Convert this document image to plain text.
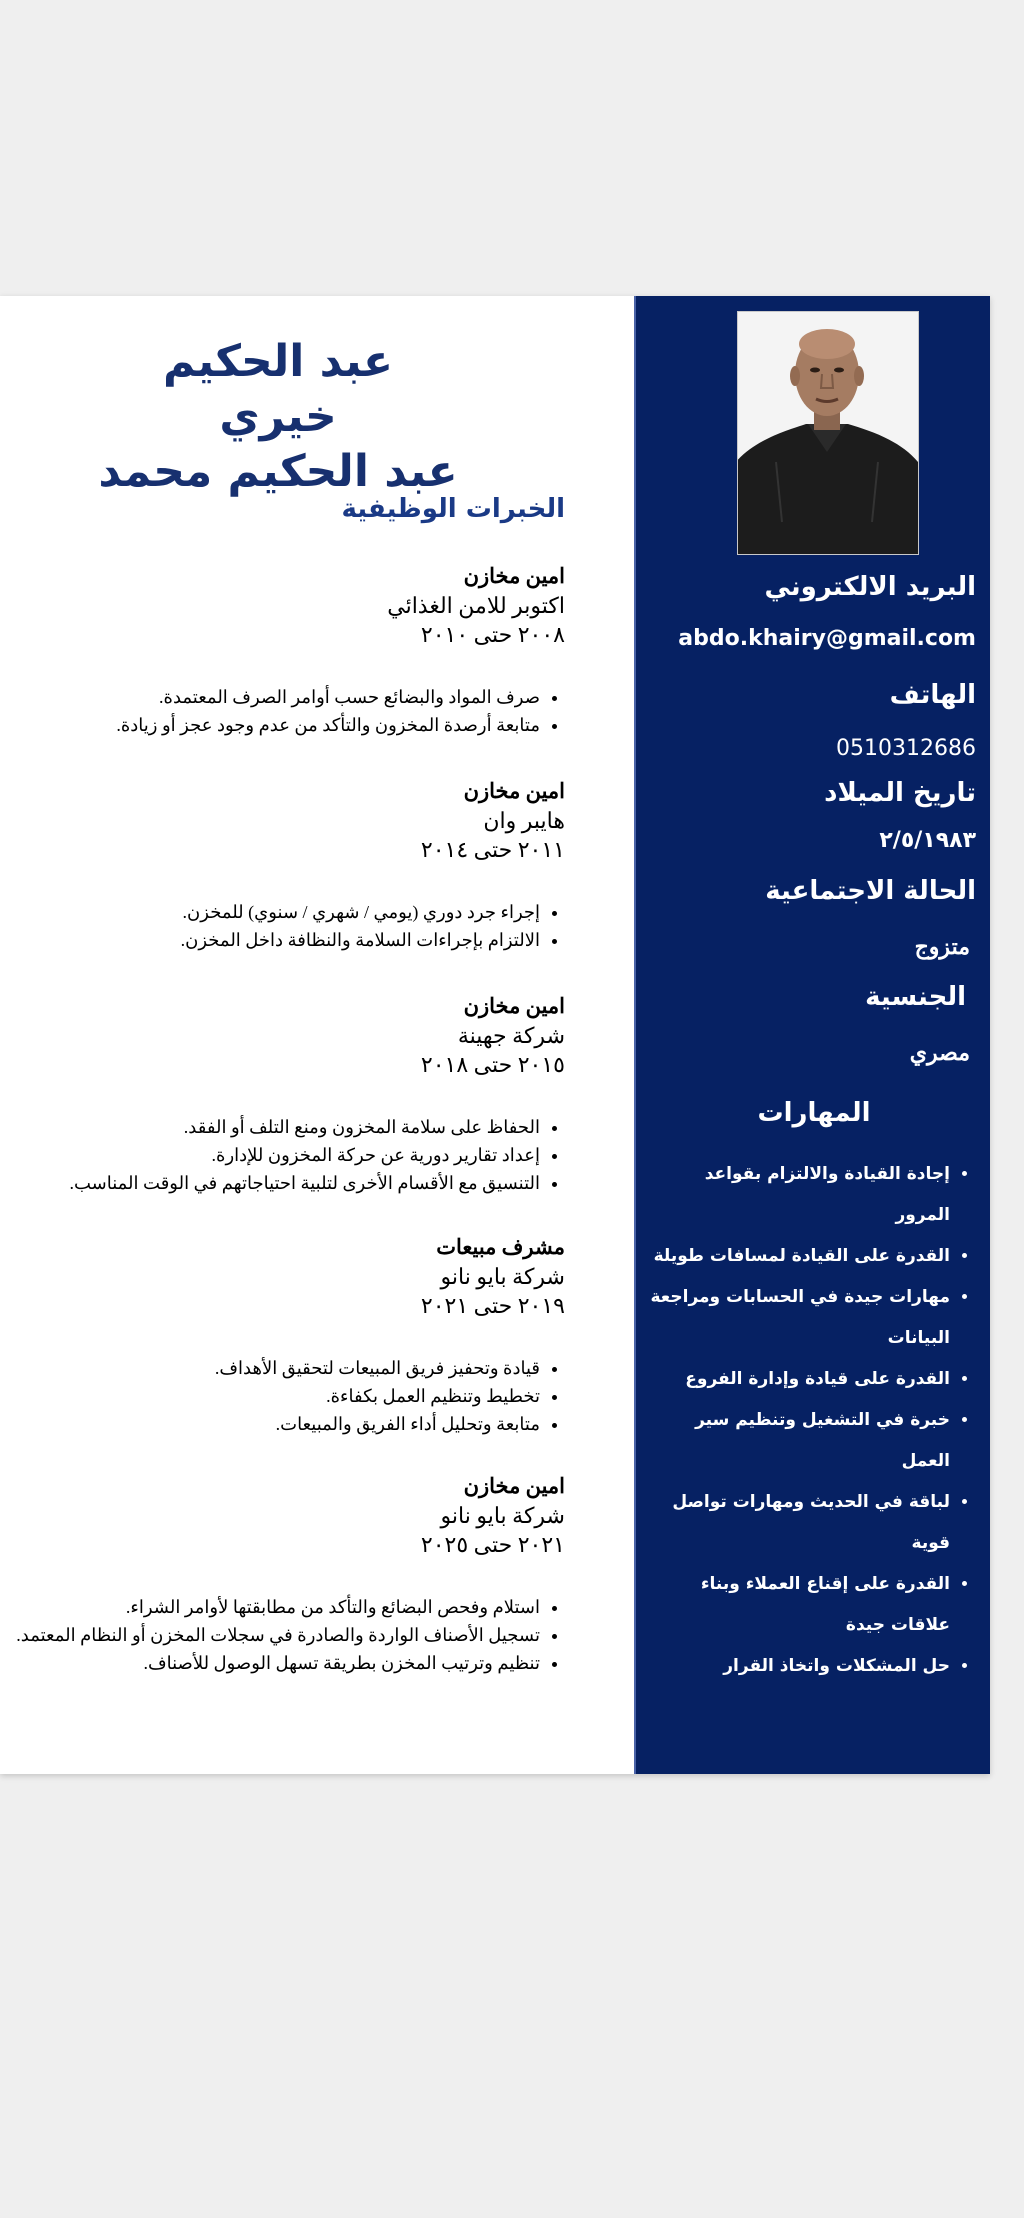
عبد الحكيم خيري
عبد الحكيم محمد
الخبرات الوظيفية
امين مخازن
اكتوبر للامن الغذائي
٢٠٠٨ حتى ٢٠١٠
• صرف المواد والبضائع حسب أوامر الصرف المعتمدة.
• متابعة أرصدة المخزون والتأكد من عدم وجود عجز أو زيادة.
امين مخازن
هايبر وان
٢٠١١ حتى ٢٠١٤
• إجراء جرد دوري (يومي / شهري / سنوي) للمخزن.
• الالتزام بإجراءات السلامة والنظافة داخل المخزن.
امين مخازن
شركة جهينة
٢٠١٥ حتى ٢٠١٨
• الحفاظ على سلامة المخزون ومنع التلف أو الفقد.
• إعداد تقارير دورية عن حركة المخزون للإدارة.
• التنسيق مع الأقسام الأخرى لتلبية احتياجاتهم في الوقت المناسب.
مشرف مبيعات
شركة بايو نانو
٢٠١٩ حتى ٢٠٢١
• قيادة وتحفيز فريق المبيعات لتحقيق الأهداف.
• تخطيط وتنظيم العمل بكفاءة.
• متابعة وتحليل أداء الفريق والمبيعات.
امين مخازن
شركة بايو نانو
٢٠٢١ حتى ٢٠٢٥
• استلام وفحص البضائع والتأكد من مطابقتها لأوامر الشراء.
• تسجيل الأصناف الواردة والصادرة في سجلات المخزن أو النظام المعتمد.
• تنظيم وترتيب المخزن بطريقة تسهل الوصول للأصناف.
البريد الالكتروني
abdo.khairy@gmail.com
الهاتف
0510312686
تاريخ الميلاد
٢/٥/١٩٨٣
الحالة الاجتماعية
متزوج
الجنسية
مصري
المهارات
• إجادة القيادة والالتزام بقواعد المرور
• القدرة على القيادة لمسافات طويلة
• مهارات جيدة في الحسابات ومراجعة البيانات
• القدرة على قيادة وإدارة الفروع
• خبرة في التشغيل وتنظيم سير العمل
• لباقة في الحديث ومهارات تواصل قوية
• القدرة على إقناع العملاء وبناء علاقات جيدة
• حل المشكلات واتخاذ القرار
